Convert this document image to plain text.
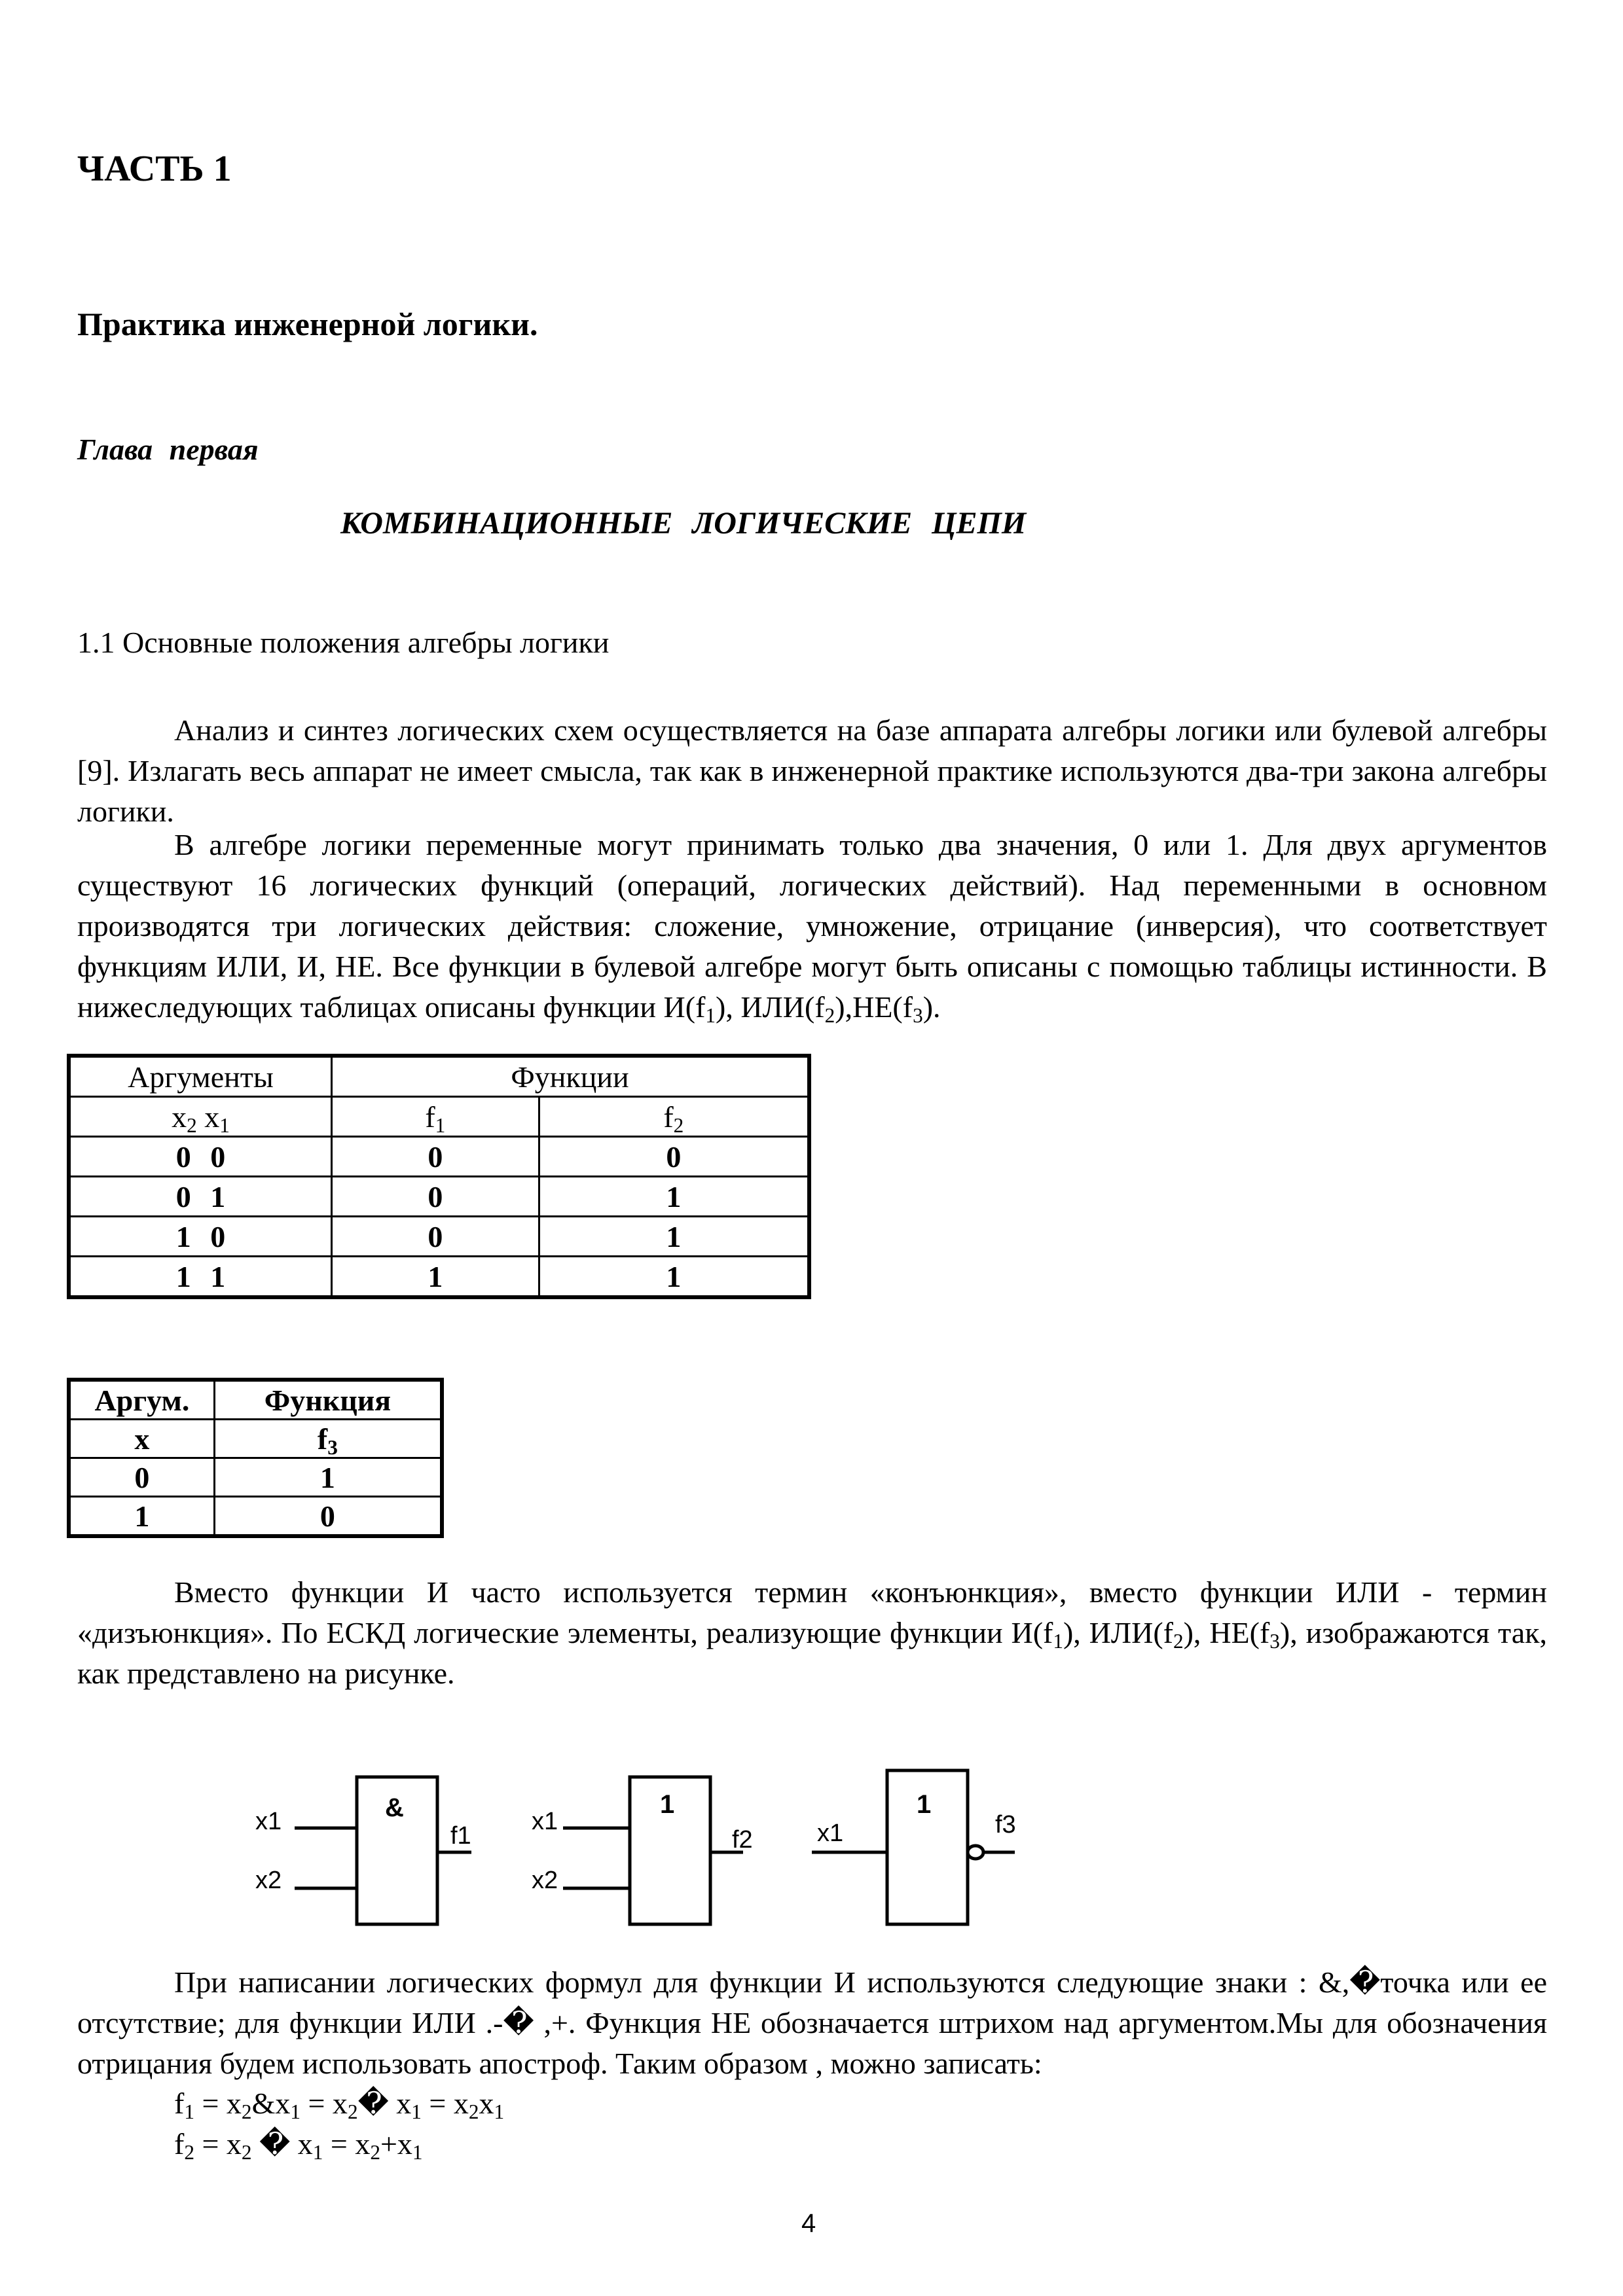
ЧАСТЬ 1
Практика инженерной логики.
Глава первая
КОМБИНАЦИОННЫЕ ЛОГИЧЕСКИЕ ЦЕПИ
1.1 Основные положения алгебры логики

Анализ и синтез логических схем осуществляется на базе аппарата алгебры логики или булевой алгебры [9]. Излагать весь аппарат не имеет смысла, так как в инженерной практике используются два-три закона алгебры логики.

В алгебре логики переменные могут принимать только два значения, 0 или 1. Для двух аргументов существуют 16 логических функций (операций, логических действий). Над переменными в основном производятся три логических действия: сложение, умножение, отрицание (инверсия), что соответствует функциям ИЛИ, И, НЕ. Все функции в булевой алгебре могут быть описаны с помощью таблицы истинности. В нижеследующих таблицах описаны функции $И(f_1)$, $ИЛИ(f_2),НЕ(f_3)$.

Аргументы	Функции	
$x_2$ $x_1$	$f_1$	$f_2$
0 0	0	0
0 1	0	1
1 0	0	1
1 1	1	1
Аргум.	Функция
x	$f_3$
0	1
1	0

Вместо функции И часто используется термин «конъюнкция», вместо функции ИЛИ - термин «дизъюнкция». По ЕСКД логические элементы, реализующие функции $И(f_1)$, $ИЛИ(f_2)$, $НЕ(f_3)$, изображаются так, как представлено на рисунке.

x1
x2
&
f1
x1
x2
1
f2	x1
1
f3

При написании логических формул для функции И используются следующие знаки : &,�точка или ее отсутствие; для функции ИЛИ .-� ,+. Функция НЕ обозначается штрихом над аргументом.Мы для обозначения отрицания будем использовать апостроф. Таким образом , можно записать:

$f_1$ = $x_2\&x_1$ = $x_2�$ $x_1 = x_2x_1$
$f_2 = x_2$ � $x_1 = x_2+x_1$
4
